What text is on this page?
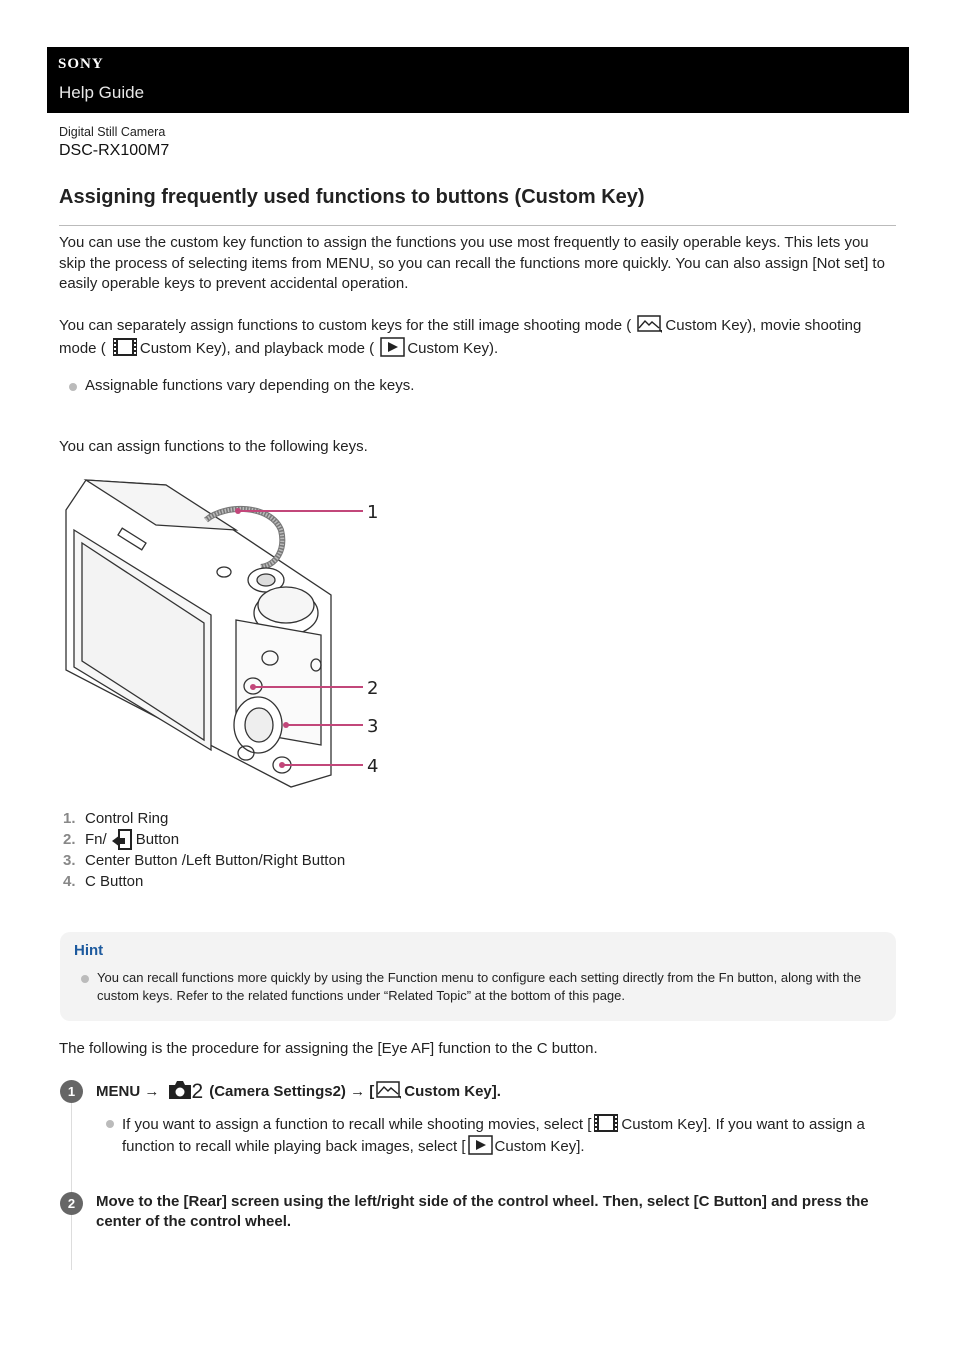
SONY
Help Guide
Digital Still Camera
DSC-RX100M7
Assigning frequently used functions to buttons (Custom Key)

You can use the custom key function to assign the functions you use most frequently to easily operable keys. This lets you skip the process of selecting items from MENU, so you can recall the functions more quickly. You can also assign [Not set] to easily operable keys to prevent accidental operation.

You can separately assign functions to custom keys for the still image shooting mode ( Custom Key), movie shooting mode ( Custom Key), and playback mode ( Custom Key).

Assignable functions vary depending on the keys.

You can assign functions to the following keys.

1
2
3
4
1. Control Ring
2. Fn/ Button
3. Center Button /Left Button/Right Button
4. C Button
Hint
You can recall functions more quickly by using the Function menu to configure each setting directly from the Fn button, along with the custom keys. Refer to the related functions under “Related Topic” at the bottom of this page.

The following is the procedure for assigning the [Eye AF] function to the C button.

1	MENU → 2 (Camera Settings2) → [ Custom Key].
If you want to assign a function to recall while shooting movies, select [ Custom Key]. If you want to assign a function to recall while playing back images, select [ Custom Key].
2	Move to the [Rear] screen using the left/right side of the control wheel. Then, select [C Button] and press the center of the control wheel.
